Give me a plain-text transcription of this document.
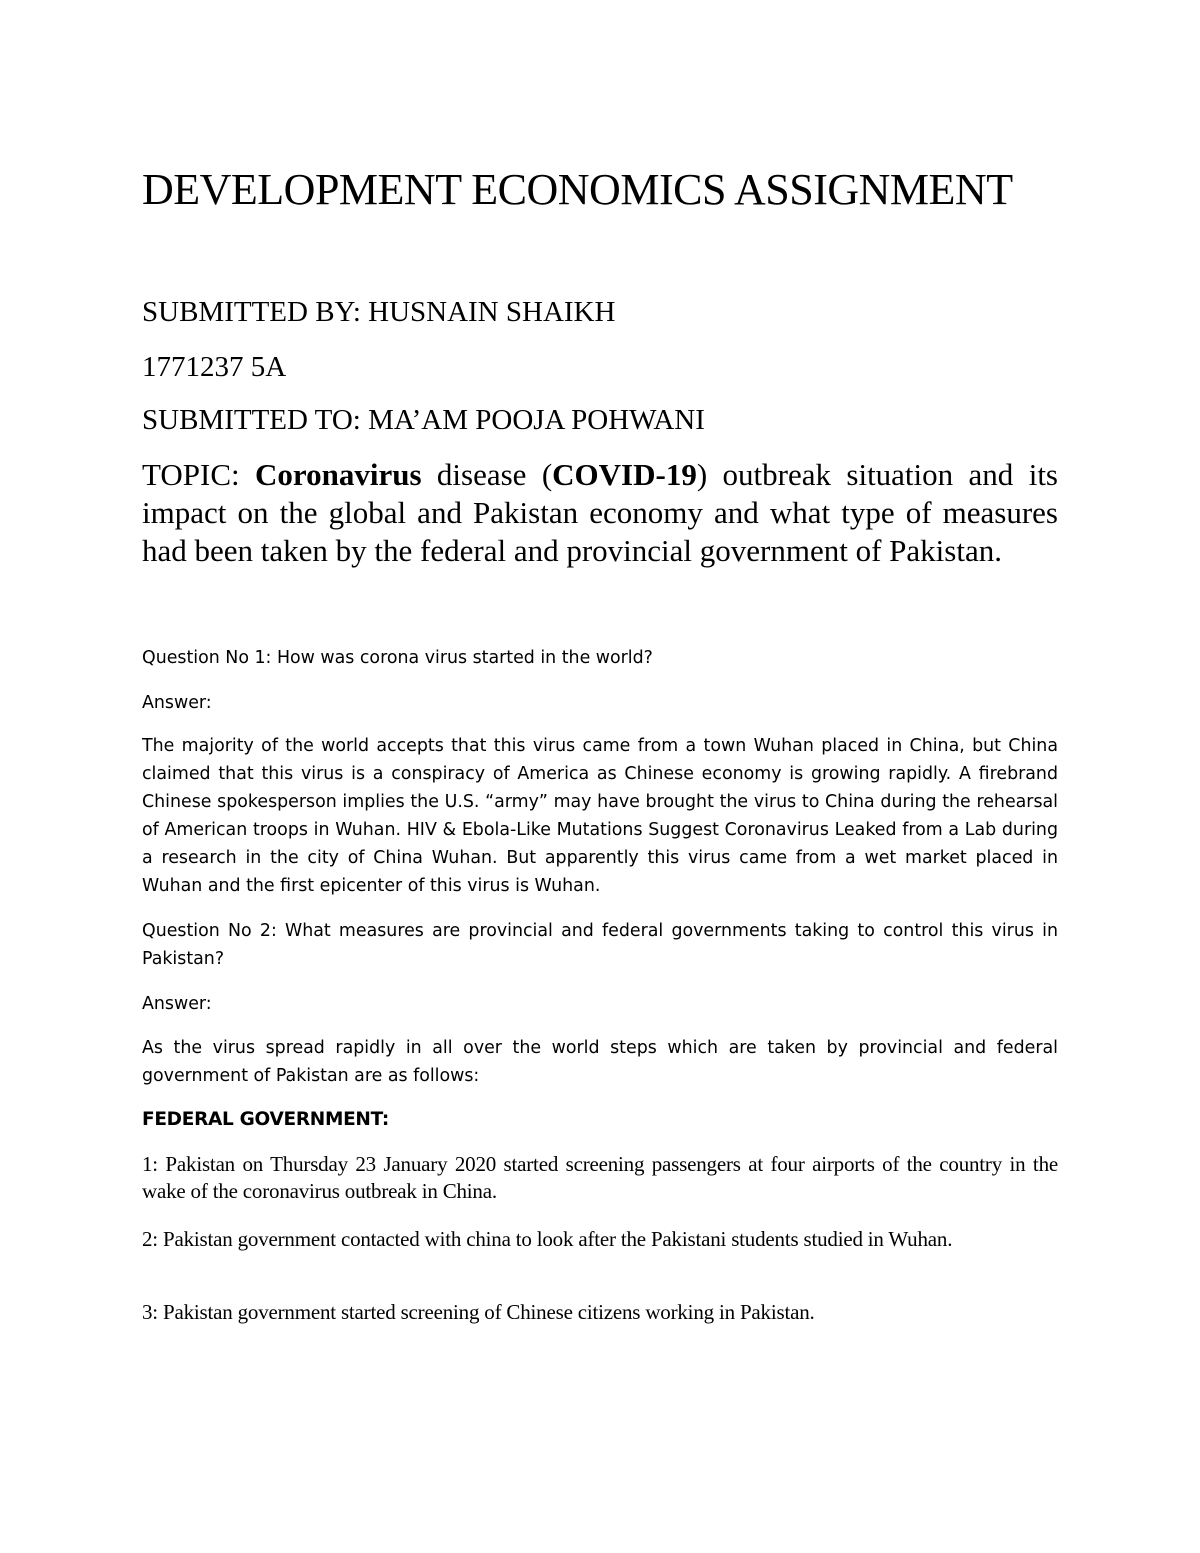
DEVELOPMENT ECONOMICS ASSIGNMENT
SUBMITTED BY: HUSNAIN SHAIKH
1771237 5A
SUBMITTED TO: MA’AM POOJA POHWANI
TOPIC: Coronavirus disease (COVID-19) outbreak situation and its impact on the global and Pakistan economy and what type of measures had been taken by the federal and provincial government of Pakistan.
Question No 1: How was corona virus started in the world?
Answer:
The majority of the world accepts that this virus came from a town Wuhan placed in China, but China claimed that this virus is a conspiracy of America as Chinese economy is growing rapidly. A firebrand Chinese spokesperson implies the U.S. “army” may have brought the virus to China during the rehearsal of American troops in Wuhan. HIV & Ebola-Like Mutations Suggest Coronavirus Leaked from a Lab during a research in the city of China Wuhan. But apparently this virus came from a wet market placed in Wuhan and the first epicenter of this virus is Wuhan.
Question No 2: What measures are provincial and federal governments taking to control this virus in Pakistan?
Answer:
As the virus spread rapidly in all over the world steps which are taken by provincial and federal government of Pakistan are as follows:
FEDERAL GOVERNMENT:
1: Pakistan on Thursday 23 January 2020 started screening passengers at four airports of the country in the wake of the coronavirus outbreak in China.
2: Pakistan government contacted with china to look after the Pakistani students studied in Wuhan.
3: Pakistan government started screening of Chinese citizens working in Pakistan.
